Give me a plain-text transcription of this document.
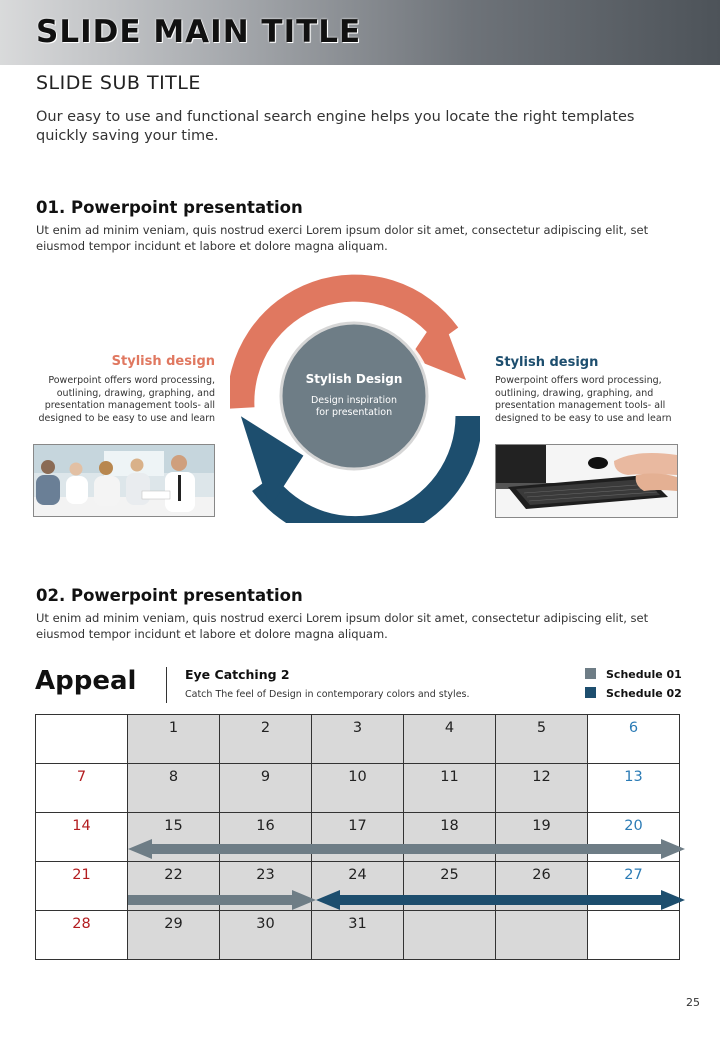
SLIDE MAIN TITLE
SLIDE SUB TITLE
Our easy to use and functional search engine helps you locate the right templates quickly saving your time.
01. Powerpoint presentation
Ut enim ad minim veniam, quis nostrud exerci Lorem ipsum dolor sit amet, consectetur adipiscing elit, set eiusmod tempor incidunt et labore et dolore magna aliquam.
Stylish design
Powerpoint offers word processing, outlining, drawing, graphing, and presentation management tools- all designed to be easy to use and learn
Stylish design
Powerpoint offers word processing, outlining, drawing, graphing, and presentation management tools- all designed to be easy to use and learn
Stylish Design
Design inspiration for presentation
02. Powerpoint presentation
Ut enim ad minim veniam, quis nostrud exerci Lorem ipsum dolor sit amet, consectetur adipiscing elit, set eiusmod tempor incidunt et labore et dolore magna aliquam.
Appeal	Eye Catching 2
Catch The feel of Design in contemporary colors and styles.
Schedule 01
Schedule 02
	1	2	3	4	5	6
7	8	9	10	11	12	13
14	15	16	17	18	19	20
21	22	23	24	25	26	27
28	29	30	31			
25
